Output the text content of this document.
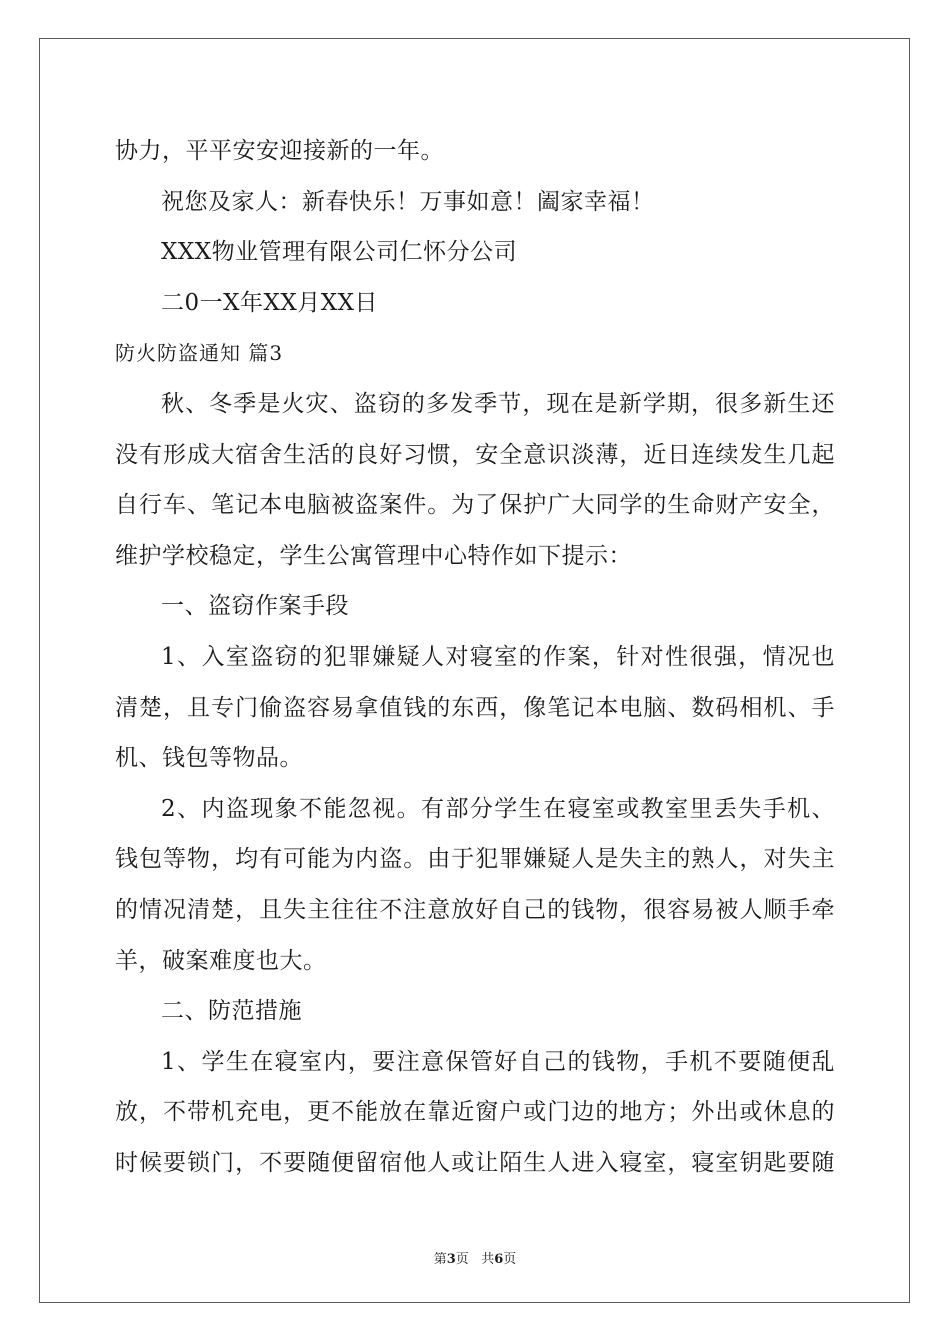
协力，平平安安迎接新的一年。
祝您及家人：新春快乐！万事如意！阖家幸福！
XXX物业管理有限公司仁怀分公司
二0一X年XX月XX日
防火防盗通知 篇3
秋、冬季是火灾、盗窃的多发季节，现在是新学期，很多新生还
没有形成大宿舍生活的良好习惯，安全意识淡薄，近日连续发生几起
自行车、笔记本电脑被盗案件。为了保护广大同学的生命财产安全，
维护学校稳定，学生公寓管理中心特作如下提示：
一、盗窃作案手段
1、入室盗窃的犯罪嫌疑人对寝室的作案，针对性很强，情况也
清楚，且专门偷盗容易拿值钱的东西，像笔记本电脑、数码相机、手
机、钱包等物品。
2、内盗现象不能忽视。有部分学生在寝室或教室里丢失手机、
钱包等物，均有可能为内盗。由于犯罪嫌疑人是失主的熟人，对失主
的情况清楚，且失主往往不注意放好自己的钱物，很容易被人顺手牵
羊，破案难度也大。
二、防范措施
1、学生在寝室内，要注意保管好自己的钱物，手机不要随便乱
放，不带机充电，更不能放在靠近窗户或门边的地方；外出或休息的
时候要锁门，不要随便留宿他人或让陌生人进入寝室，寝室钥匙要随
第3页 共6页
